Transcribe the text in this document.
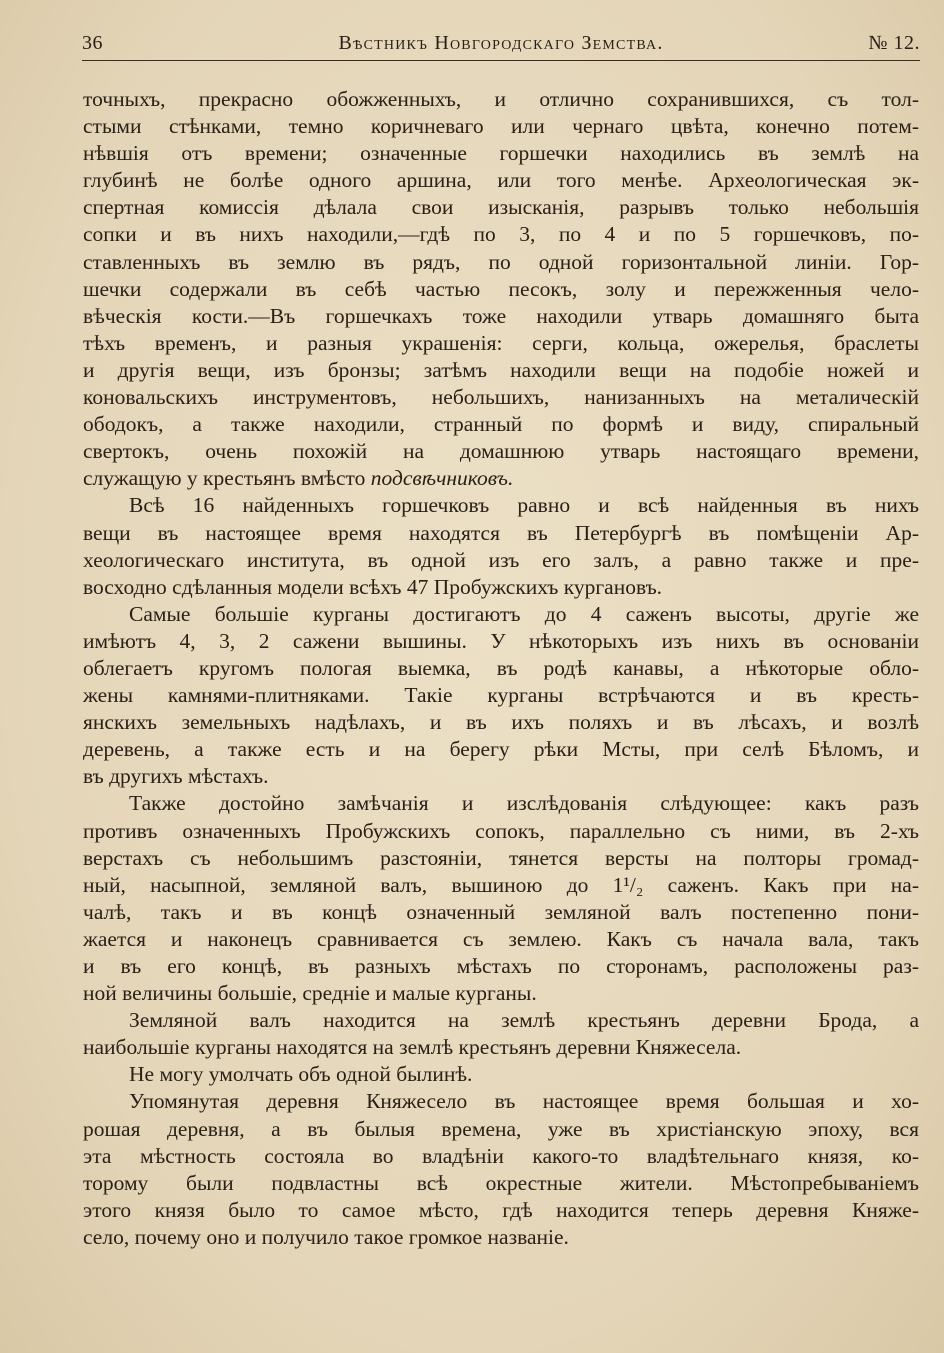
36	Вѣстникъ Новгородскаго Земства.	№ 12.

точныхъ, прекрасно обожженныхъ, и отлично сохранившихся, съ тол-

стыми стѣнками, темно коричневаго или чернаго цвѣта, конечно потем-

нѣвшія отъ времени; означенные горшечки находились въ землѣ на

глубинѣ не болѣе одного аршина, или того менѣе. Археологическая эк-

спертная комиссія дѣлала свои изысканія, разрывъ только небольшія

сопки и въ нихъ находили,—гдѣ по 3, по 4 и по 5 горшечковъ, по-

ставленныхъ въ землю въ рядъ, по одной горизонтальной линіи. Гор-

шечки содержали въ себѣ частью песокъ, золу и пережженныя чело-

вѣческія кости.—Въ горшечкахъ тоже находили утварь домашняго быта

тѣхъ временъ, и разныя украшенія: серги, кольца, ожерелья, браслеты

и другія вещи, изъ бронзы; затѣмъ находили вещи на подобіе ножей и

коновальскихъ инструментовъ, небольшихъ, нанизанныхъ на металическій

ободокъ, а также находили, странный по формѣ и виду, спиральный

свертокъ, очень похожій на домашнюю утварь настоящаго времени,

служащую у крестьянъ вмѣсто подсвѣчниковъ.

Всѣ 16 найденныхъ горшечковъ равно и всѣ найденныя въ нихъ

вещи въ настоящее время находятся въ Петербургѣ въ помѣщеніи Ар-

хеологическаго института, въ одной изъ его залъ, а равно также и пре-

восходно сдѣланныя модели всѣхъ 47 Пробужскихъ кургановъ.

Самые большіе курганы достигаютъ до 4 саженъ высоты, другіе же

имѣютъ 4, 3, 2 сажени вышины. У нѣкоторыхъ изъ нихъ въ основаніи

облегаетъ кругомъ пологая выемка, въ родѣ канавы, а нѣкоторые обло-

жены камнями-плитняками. Такіе курганы встрѣчаются и въ кресть-

янскихъ земельныхъ надѣлахъ, и въ ихъ поляхъ и въ лѣсахъ, и возлѣ

деревень, а также есть и на берегу рѣки Мсты, при селѣ Бѣломъ, и

въ другихъ мѣстахъ.

Также достойно замѣчанія и изслѣдованія слѣдующее: какъ разъ

противъ означенныхъ Пробужскихъ сопокъ, параллельно съ ними, въ 2-хъ

верстахъ съ небольшимъ разстояніи, тянется версты на полторы громад-

ный, насыпной, земляной валъ, вышиною до 1¹/₂ саженъ. Какъ при на-

чалѣ, такъ и въ концѣ означенный земляной валъ постепенно пони-

жается и наконецъ сравнивается съ землею. Какъ съ начала вала, такъ

и въ его концѣ, въ разныхъ мѣстахъ по сторонамъ, расположены раз-

ной величины большіе, средніе и малые курганы.

Земляной валъ находится на землѣ крестьянъ деревни Брода, а

наибольшіе курганы находятся на землѣ крестьянъ деревни Княжесела.

Не могу умолчать объ одной былинѣ.

Упомянутая деревня Княжесело въ настоящее время большая и хо-

рошая деревня, а въ былыя времена, уже въ христіанскую эпоху, вся

эта мѣстность состояла во владѣніи какого-то владѣтельнаго князя, ко-

торому были подвластны всѣ окрестные жители. Мѣстопребываніемъ

этого князя было то самое мѣсто, гдѣ находится теперь деревня Княже-

село, почему оно и получило такое громкое названіе.
